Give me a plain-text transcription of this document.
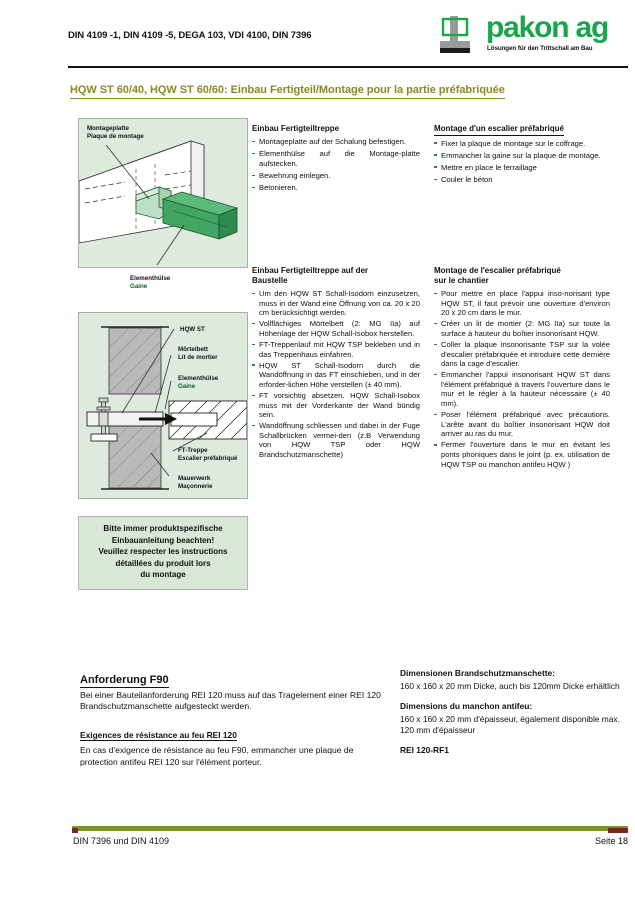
DIN 4109 -1, DIN 4109 -5, DEGA 103, VDI 4100, DIN 7396	pakon ag
Lösungen für den Trittschall am Bau
HQW ST 60/40, HQW ST 60/60: Einbau Fertigteil/Montage pour la partie préfabriquée
Montageplatte
Plaque de montage
Elementhülse
Gaine
HQW ST
Mörtelbett
Lit de mortier
Elementhülse
Gaine
FT-Treppe
Escalier préfabriqué
Mauerwerk
Maçonnerie
Bitte immer produktspezifische
Einbauanleitung beachten!
Veuillez respecter les instructions
détaillées du produit lors
du montage
Einbau Fertigteiltreppe
Montageplatte auf der Schalung befestigen.
Elementhülse auf die Montage-platte aufstecken.
Bewehrung einlegen.
Betonieren.
Einbau Fertigteiltreppe auf der
Baustelle
Um den HQW ST Schall-Isodorn einzusetzen, muss in der Wand eine Öffnung von ca. 20 x 20 cm berücksichtigt werden.
Vollflächiges Mörtelbett (2: MG IIa) auf Höhenlage der HQW Schall-Isobox herstellen.
FT-Treppenlauf mit HQW TSP bekleben und in das Treppenhaus einfahren.
HQW ST Schall-Isodorn durch die Wandöffnung in das FT einschieben, und in der erforder-lichen Höhe verstellen (± 40 mm).
FT vorsichtig absetzen. HQW Schall-Isobox muss mit der Vorderkante der Wand bündig sein.
Wandöffnung schliessen und dabei in der Fuge Schallbrücken vermei-den (z.B Verwendung von HQW TSP oder HQW Brandschutzmanschette)
Montage d'un escalier préfabriqué
Fixer la plaque de montage sur le coffrage.
Emmancher la gaine sur la plaque de montage.
Mettre en place le ferraillage
Couler le béton
Montage de l'escalier préfabriqué
sur le chantier
Pour mettre en place l'appui inso-norisant type HQW ST, il faut prévoir une ouverture d'environ 20 x 20 cm dans le mur.
Créer un lit de mortier (2: MG IIa) sur toute la surface à hauteur du boîtier insonorisant HQW.
Coller la plaque insonorisante TSP sur la volée d'escalier préfabriquée et introduire cette dernière dans la cage d'escalier.
Emmancher l'appui insonorisant HQW ST dans l'élément préfabriqué à travers l'ouverture dans le mur et le régler à la hauteur nécessaire (± 40 mm).
Poser l'élément préfabriqué avec précautions. L'arête avant du boîtier insonorisant HQW doit arriver au ras du mur.
Fermer l'ouverture dans le mur en évitant les ponts phoniques dans le joint (p. ex. utilisation de HQW TSP ou manchon antifeu HQW )
Anforderung F90

Bei einer Bauteilanforderung REI 120 muss auf das Tragelement einer REI 120 Brandschutzmanschette aufgesteckt werden.

Exigences de résistance au feu REI 120

En cas d'exigence de résistance au feu F90, emmancher une plaque de protection antifeu REI 120 sur l'élément porteur.

Dimensionen Brandschutzmanschette:

160 x 160 x 20 mm Dicke, auch bis 120mm Dicke erhältlich

Dimensions du manchon antifeu:

160 x 160 x 20 mm d'épaisseur, également disponible max. 120 mm d'épaisseur

REI 120-RF1

DIN 7396 und DIN 4109	Seite 18
